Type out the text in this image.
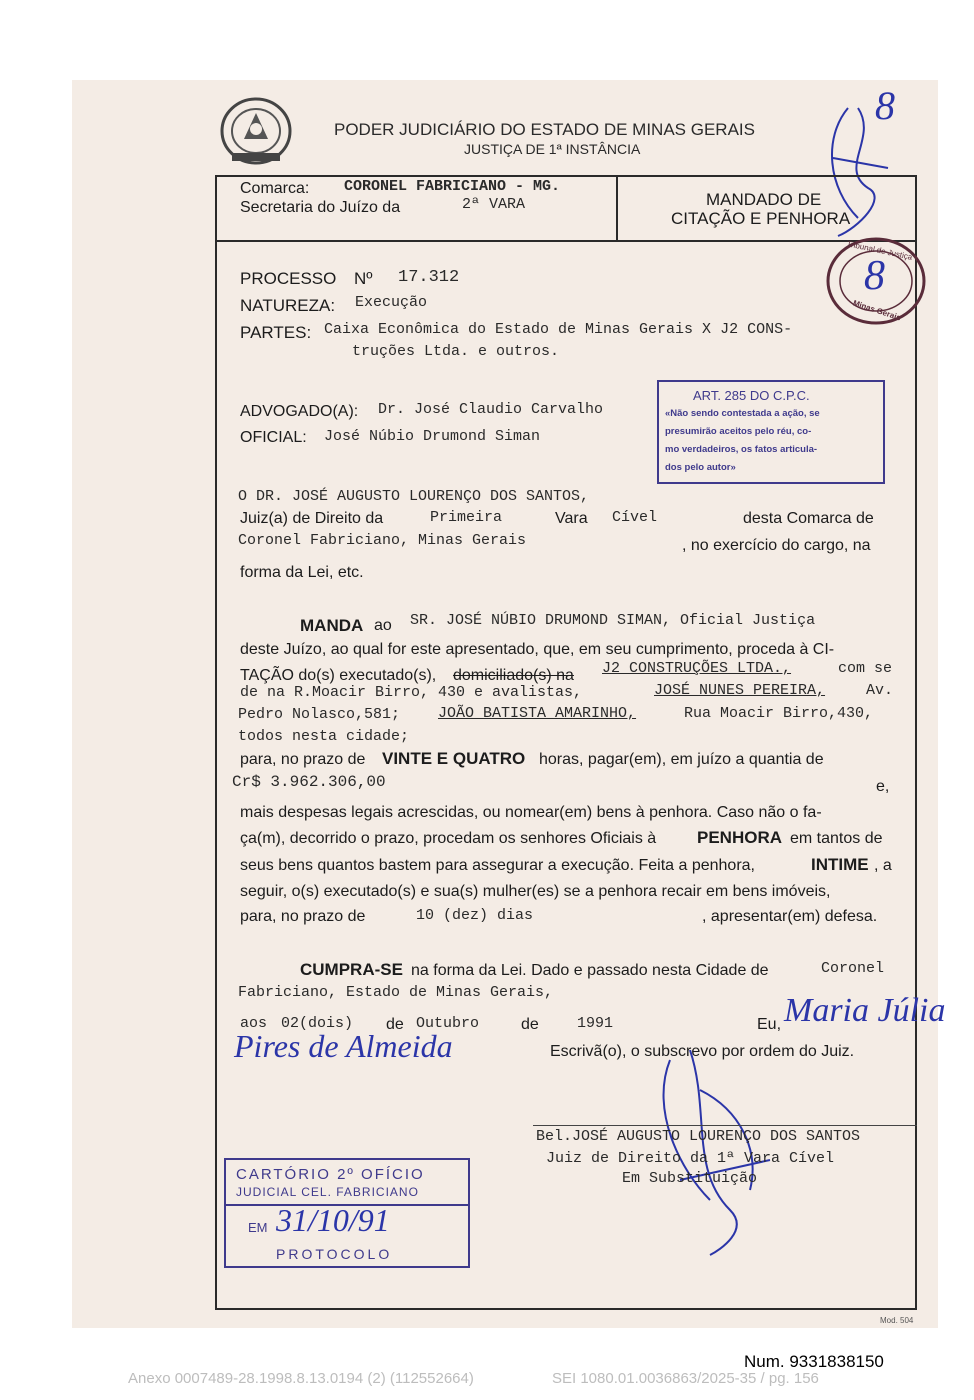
PODER JUDICIÁRIO DO ESTADO DE MINAS GERAIS
JUSTIÇA DE 1ª INSTÂNCIA
8
Comarca: CORONEL FABRICIANO - MG.
Secretaria do Juízo da	2ª VARA	MANDADO DE
CITAÇÃO E PENHORA
Tribunal de Justiça
Minas Gerais
8
PROCESSO Nº 17.312
NATUREZA: Execução
PARTES: Caixa Econômica do Estado de Minas Gerais X J2 CONS-
truções Ltda. e outros.
ADVOGADO(A): Dr. José Claudio Carvalho
OFICIAL: José Núbio Drumond Siman
ART. 285 DO C.P.C.
«Não sendo contestada a ação, se
presumirão aceitos pelo réu, co-
mo verdadeiros, os fatos articula-
dos pelo autor»
O DR. JOSÉ AUGUSTO LOURENÇO DOS SANTOS,
Juiz(a) de Direito da	Primeira	Vara Cível	desta Comarca de
Coronel Fabriciano, Minas Gerais	, no exercício do cargo, na
forma da Lei, etc.
MANDA ao SR. JOSÉ NÚBIO DRUMOND SIMAN, Oficial Justiça
deste Juízo, ao qual for este apresentado, que, em seu cumprimento, proceda à CI-
TAÇÃO do(s) executado(s), domiciliado(s) na J2 CONSTRUÇÕES LTDA.,	com se
de na R.Moacir Birro, 430 e avalistas,	JOSÉ NUNES PEREIRA,	Av.
Pedro Nolasco,581;	JOÃO BATISTA AMARINHO,	Rua Moacir Birro,430,
todos nesta cidade;
para, no prazo de VINTE E QUATRO horas, pagar(em), em juízo a quantia de
Cr$ 3.962.306,00	e,
mais despesas legais acrescidas, ou nomear(em) bens à penhora. Caso não o fa-
ça(m), decorrido o prazo, procedam os senhores Oficiais à PENHORA em tantos de
seus bens quantos bastem para assegurar a execução. Feita a penhora,	INTIME , a
seguir, o(s) executado(s) e sua(s) mulher(es) se a penhora recair em bens imóveis,
para, no prazo de	10 (dez) dias	, apresentar(em) defesa.
CUMPRA-SE na forma da Lei. Dado e passado nesta Cidade de	Coronel
Fabriciano, Estado de Minas Gerais,
aos 02(dois) de Outubro	de	1991	Eu, Maria Júlia
Pires de Almeida	Escrivã(o), o subscrevo por ordem do Juiz.
Bel.JOSÉ AUGUSTO LOURENÇO DOS SANTOS
Juiz de Direito da 1ª Vara Cível
Em Substituição
CARTÓRIO 2º OFÍCIO
JUDICIAL CEL. FABRICIANO
EM 31/10/91
PROTOCOLO
Mod. 504
Num. 9331838150
Anexo 0007489-28.1998.8.13.0194 (2) (112552664)	SEI 1080.01.0036863/2025-35 / pg. 156
